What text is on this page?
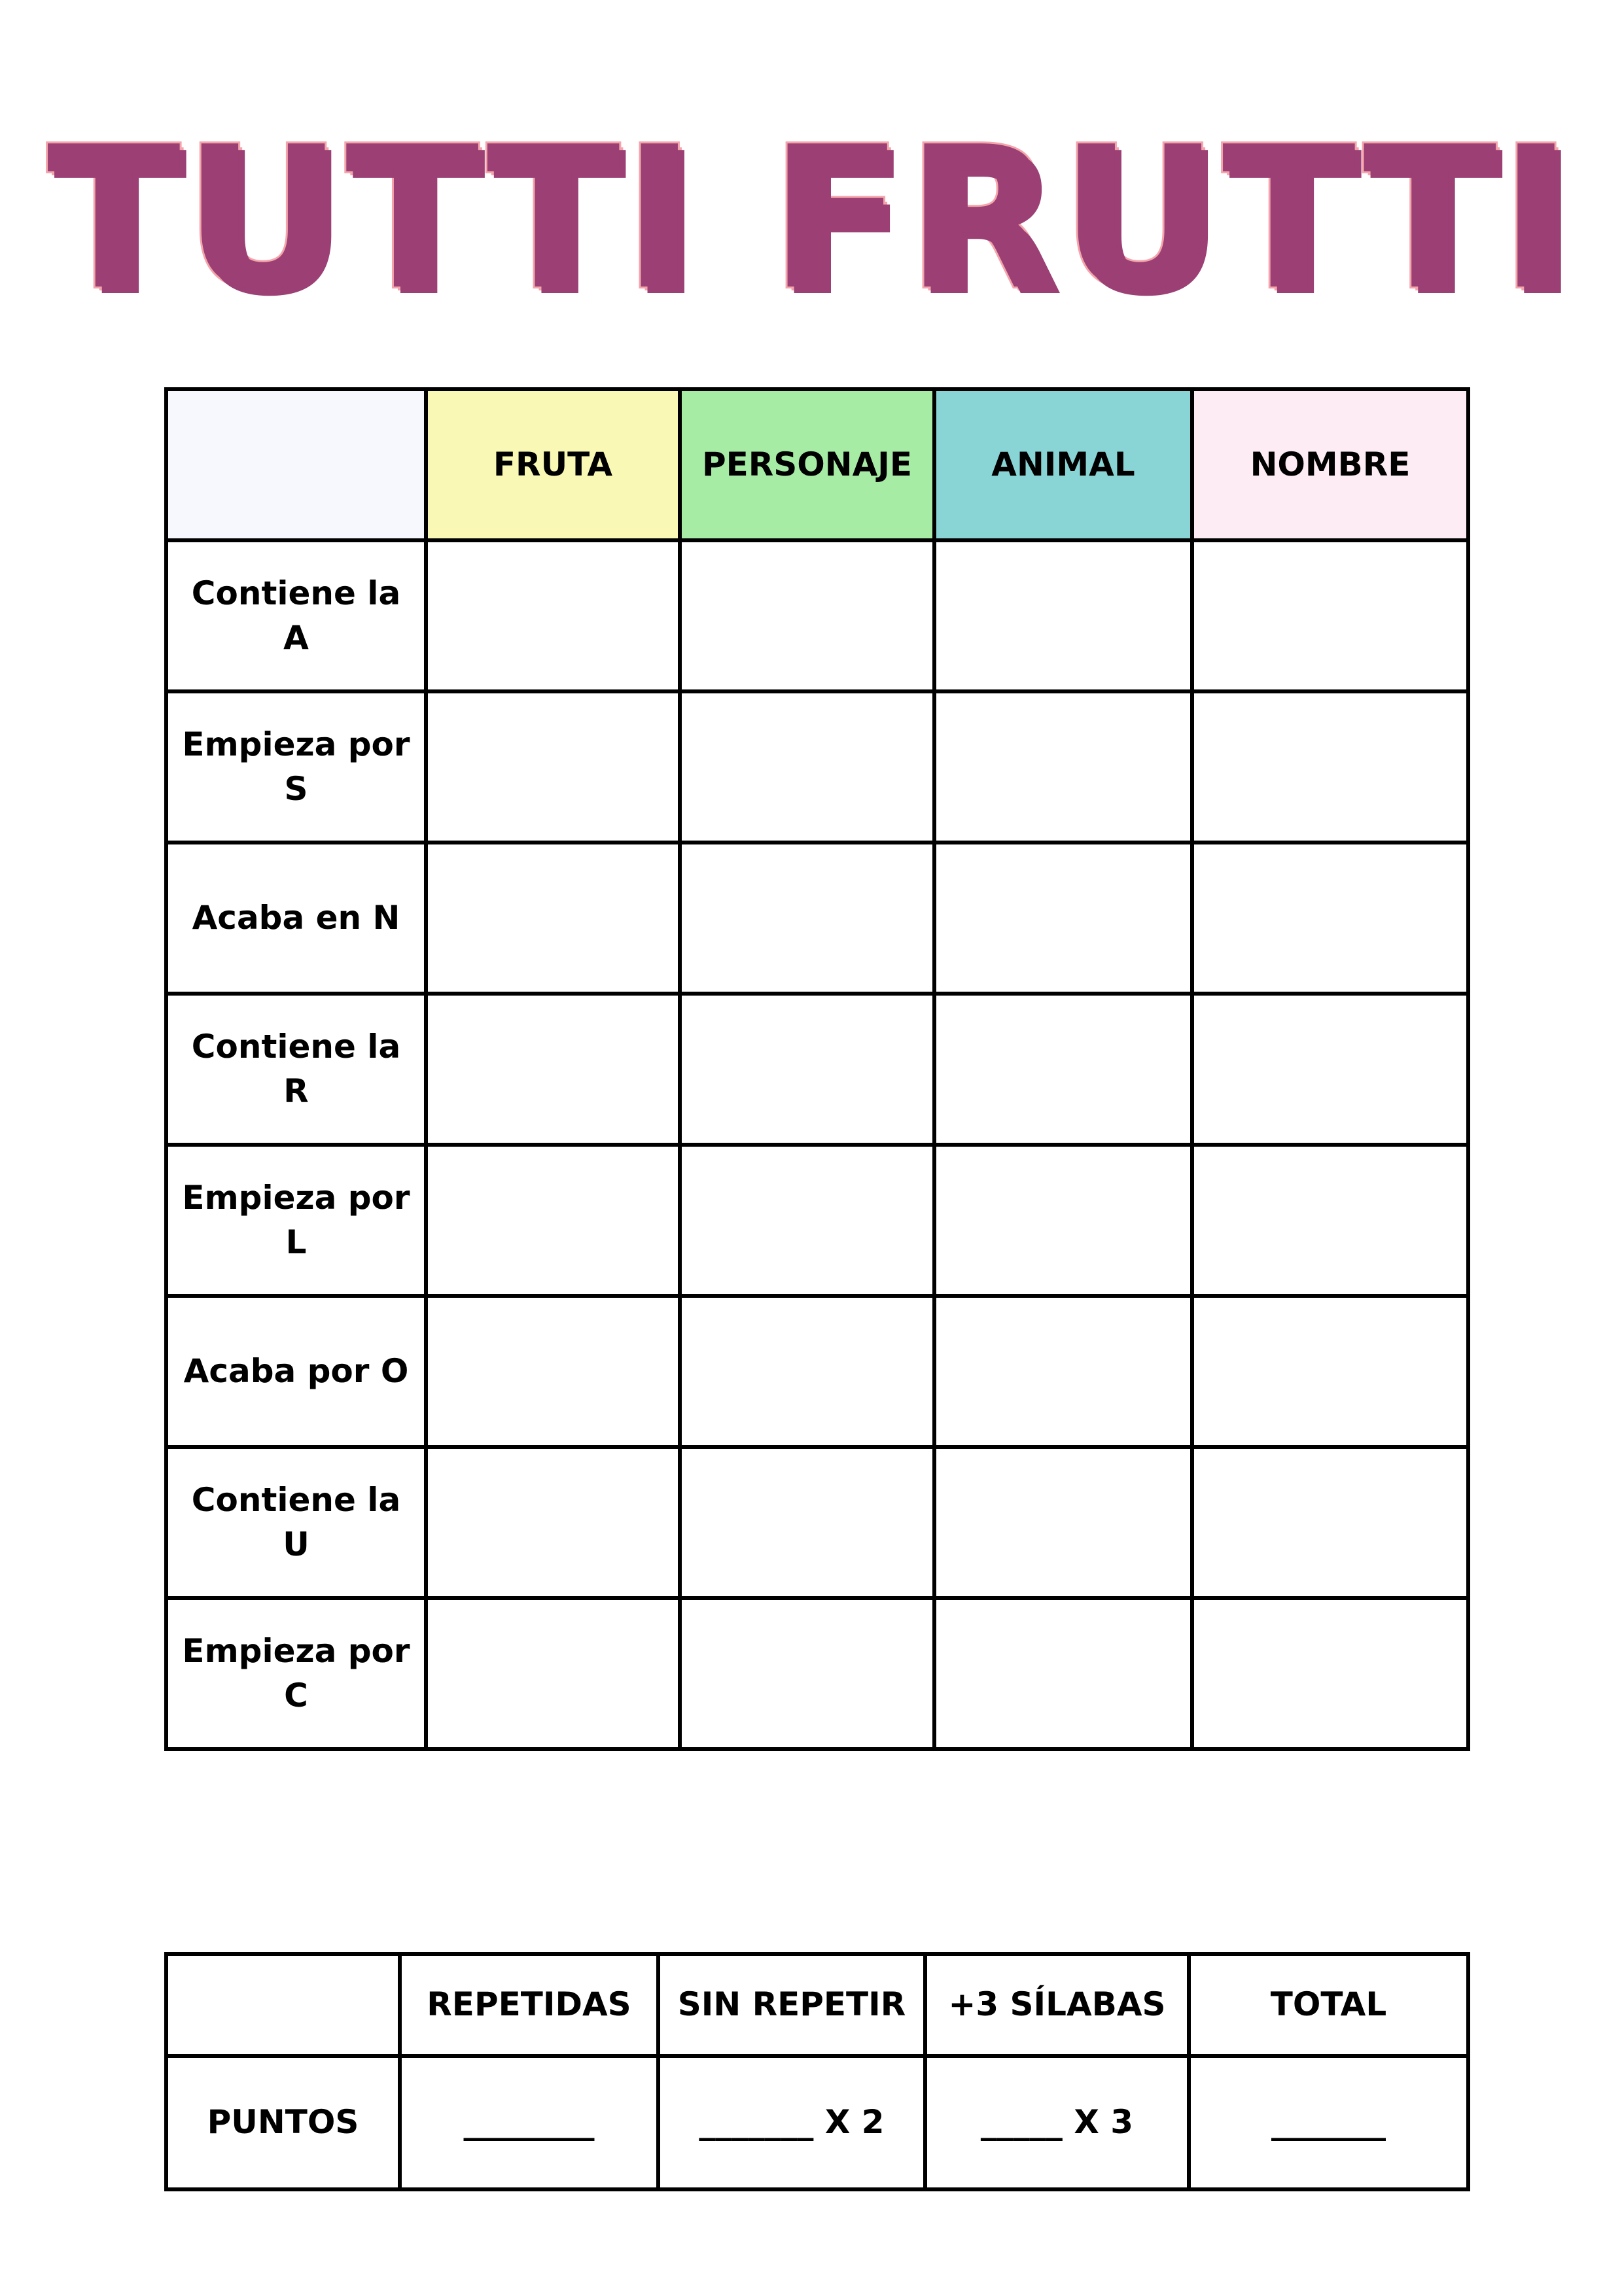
TUTTI FRUTTI
	FRUTA	PERSONAJE	ANIMAL	NOMBRE
Contiene la A				
Empieza por S				
Acaba en N				
Contiene la R				
Empieza por L				
Acaba por O				
Contiene la U				
Empieza por C				
	REPETIDAS	SIN REPETIR	+3 SÍLABAS	TOTAL
PUNTOS	________	_______ X 2	_____ X 3	_______
